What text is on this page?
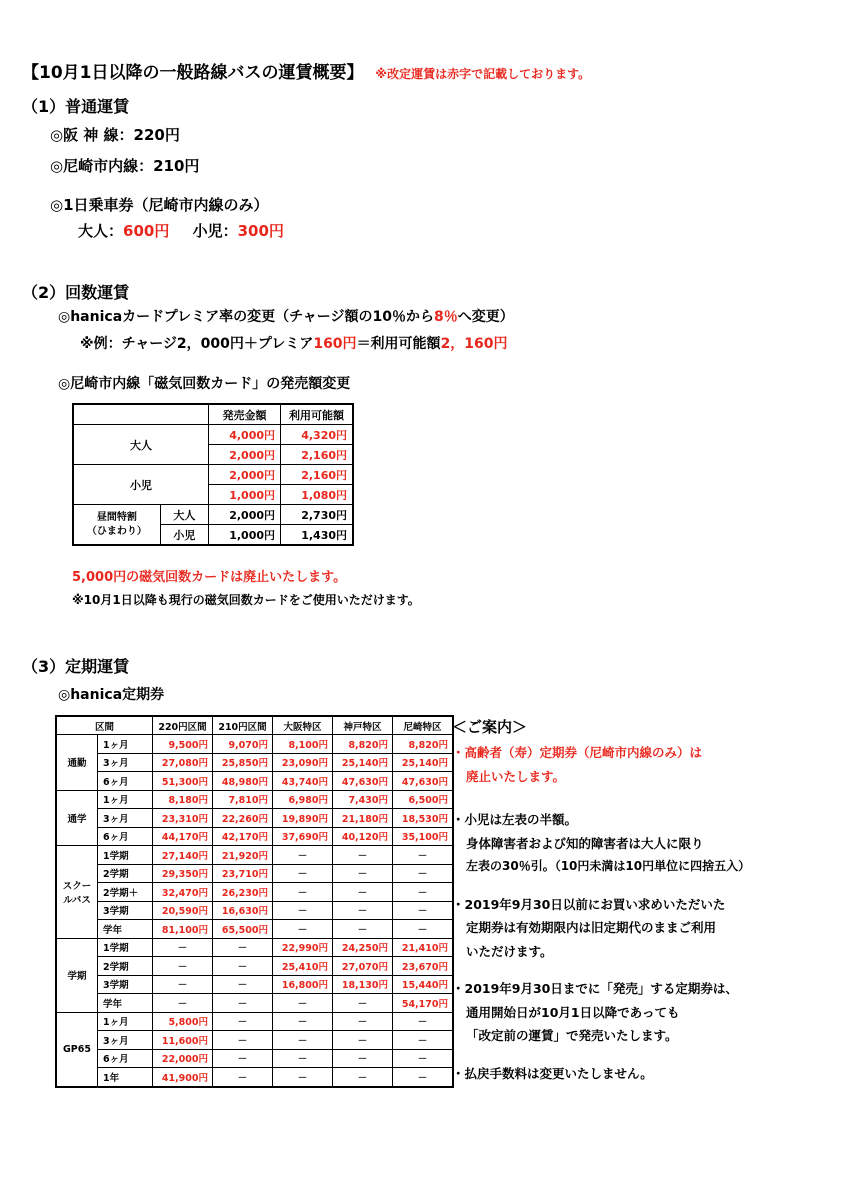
【10月1日以降の一般路線バスの運賃概要】 ※改定運賃は赤字で記載しております。
（1）普通運賃
◎阪 神 線：220円
◎尼崎市内線：210円
◎1日乗車券（尼崎市内線のみ）
大人：600円 小児：300円
（2）回数運賃
◎hanicaカードプレミア率の変更（チャージ額の10％から8％へ変更）
※例：チャージ2，000円＋プレミア160円＝利用可能額2，160円
◎尼崎市内線「磁気回数カード」の発売額変更
		発売金額	利用可能額
大人		4,000円	4,320円
		2,000円	2,160円
小児		2,000円	2,160円
		1,000円	1,080円

昼間特割
（ひまわり）	大人	2,000円	2,730円
	小児	1,000円	1,430円
5,000円の磁気回数カードは廃止いたします。
※10月1日以降も現行の磁気回数カードをご使用いただけます。
（3）定期運賃
◎hanica定期券
区間		220円区間	210円区間	大阪特区	神戸特区	尼崎特区

通勤	1ヶ月	9,500円	9,070円	8,100円	8,820円	8,820円
	3ヶ月	27,080円	25,850円	23,090円	25,140円	25,140円
	6ヶ月	51,300円	48,980円	43,740円	47,630円	47,630円

通学	1ヶ月	8,180円	7,810円	6,980円	7,430円	6,500円
	3ヶ月	23,310円	22,260円	19,890円	21,180円	18,530円
	6ヶ月	44,170円	42,170円	37,690円	40,120円	35,100円

スクー
ルバス	1学期	27,140円	21,920円	－	－	－
	2学期	29,350円	23,710円	－	－	－
	2学期＋	32,470円	26,230円	－	－	－
	3学期	20,590円	16,630円	－	－	－
	学年	81,100円	65,500円	－	－	－

学期	1学期	－	－	22,990円	24,250円	21,410円
	2学期	－	－	25,410円	27,070円	23,670円
	3学期	－	－	16,800円	18,130円	15,440円
	学年	－	－	－	－	54,170円

GP65	1ヶ月	5,800円	－	－	－	－
	3ヶ月	11,600円	－	－	－	－
	6ヶ月	22,000円	－	－	－	－
	1年	41,900円	－	－	－	－
＜ご案内＞
・高齢者（寿）定期券（尼崎市内線のみ）は
廃止いたします。
・小児は左表の半額。
身体障害者および知的障害者は大人に限り
左表の30％引。（10円未満は10円単位に四捨五入）
・2019年9月30日以前にお買い求めいただいた
定期券は有効期限内は旧定期代のままご利用
いただけます。
・2019年9月30日までに「発売」する定期券は、
通用開始日が10月1日以降であっても
「改定前の運賃」で発売いたします。
・払戻手数料は変更いたしません。
